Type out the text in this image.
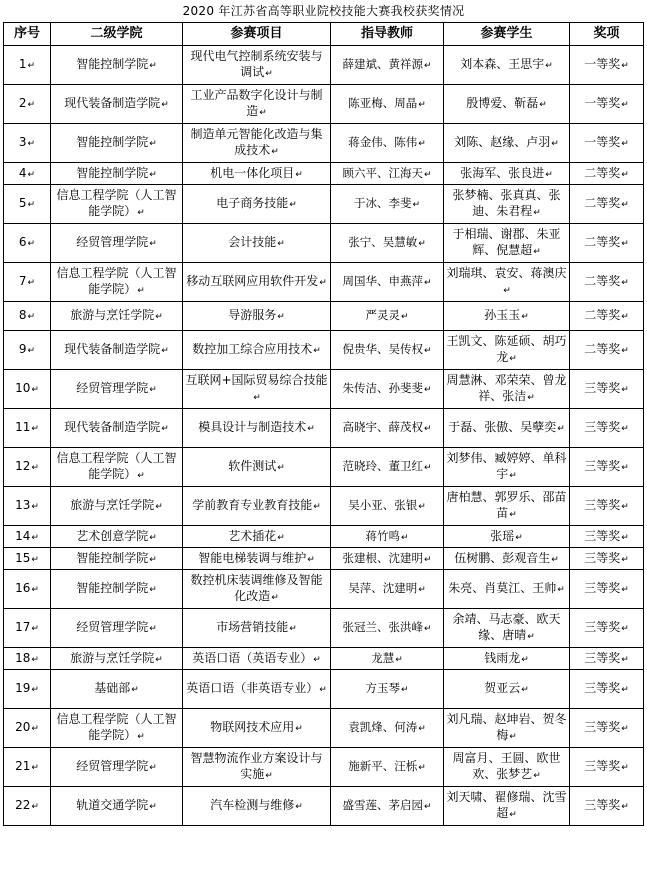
2020 年江苏省高等职业院校技能大赛我校获奖情况
序号	二级学院	参赛项目	指导教师	参赛学生	奖项
1↵	智能控制学院↵	现代电气控制系统安装与调试↵	薛建斌、黄祥源↵	刘本森、王思宇↵	一等奖↵
2↵	现代装备制造学院↵	工业产品数字化设计与制造↵	陈亚梅、周晶↵	殷博爱、靳磊↵	一等奖↵
3↵	智能控制学院↵	制造单元智能化改造与集成技术↵	蒋金伟、陈伟↵	刘陈、赵缘、卢羽↵	一等奖↵
4↵	智能控制学院↵	机电一体化项目↵	顾六平、江海天↵	张海军、张良进↵	二等奖↵
5↵	信息工程学院（人工智能学院）↵	电子商务技能↵	于冰、李斐↵	张梦楠、张真真、张迪、朱君程↵	二等奖↵
6↵	经贸管理学院↵	会计技能↵	张宁、吴慧敏↵	于相瑞、谢郡、朱亚辉、倪慧超↵	二等奖↵
7↵	信息工程学院（人工智能学院）↵	移动互联网应用软件开发↵	周国华、申燕萍↵	刘瑞琪、袁安、蒋澳庆↵	二等奖↵
8↵	旅游与烹饪学院↵	导游服务↵	严灵灵↵	孙玉玉↵	二等奖↵
9↵	现代装备制造学院↵	数控加工综合应用技术↵	倪贵华、吴传权↵	王凯文、陈延硕、胡巧龙↵	二等奖↵
10↵	经贸管理学院↵	互联网+国际贸易综合技能↵	朱传洁、孙斐斐↵	周慧淋、邓荣荣、曾龙祥、张洁↵	三等奖↵
11↵	现代装备制造学院↵	模具设计与制造技术↵	高晓宇、薛茂权↵	于磊、张傲、吴孽奕↵	三等奖↵
12↵	信息工程学院（人工智能学院）↵	软件测试↵	范晓玲、董卫红↵	刘梦伟、臧婷婷、单科宇↵	三等奖↵
13↵	旅游与烹饪学院↵	学前教育专业教育技能↵	吴小亚、张银↵	唐柏慧、郭罗乐、邵苗苗↵	三等奖↵
14↵	艺术创意学院↵	艺术插花↵	蒋竹鸣↵	张瑶↵	三等奖↵
15↵	智能控制学院↵	智能电梯装调与维护↵	张建根、沈建明↵	伍树鹏、彭观音生↵	三等奖↵
16↵	智能控制学院↵	数控机床装调维修及智能化改造↵	吴萍、沈建明↵	朱亮、肖莫江、王帅↵	三等奖↵
17↵	经贸管理学院↵	市场营销技能↵	张冠兰、张洪峰↵	余靖、马志豪、欧天缘、唐晴↵	三等奖↵
18↵	旅游与烹饪学院↵	英语口语（英语专业）↵	龙慧↵	钱雨龙↵	三等奖↵
19↵	基础部↵	英语口语（非英语专业）↵	方玉琴↵	贺亚云↵	三等奖↵
20↵	信息工程学院（人工智能学院）↵	物联网技术应用↵	袁凯烽、何涛↵	刘凡瑞、赵坤岩、贺冬梅↵	三等奖↵
21↵	经贸管理学院↵	智慧物流作业方案设计与实施↵	施新平、汪栎↵	周富月、王圆、欧世欢、张梦艺↵	三等奖↵
22↵	轨道交通学院↵	汽车检测与维修↵	盛雪莲、茅启园↵	刘天啸、翟修瑞、沈雪超↵	三等奖↵
